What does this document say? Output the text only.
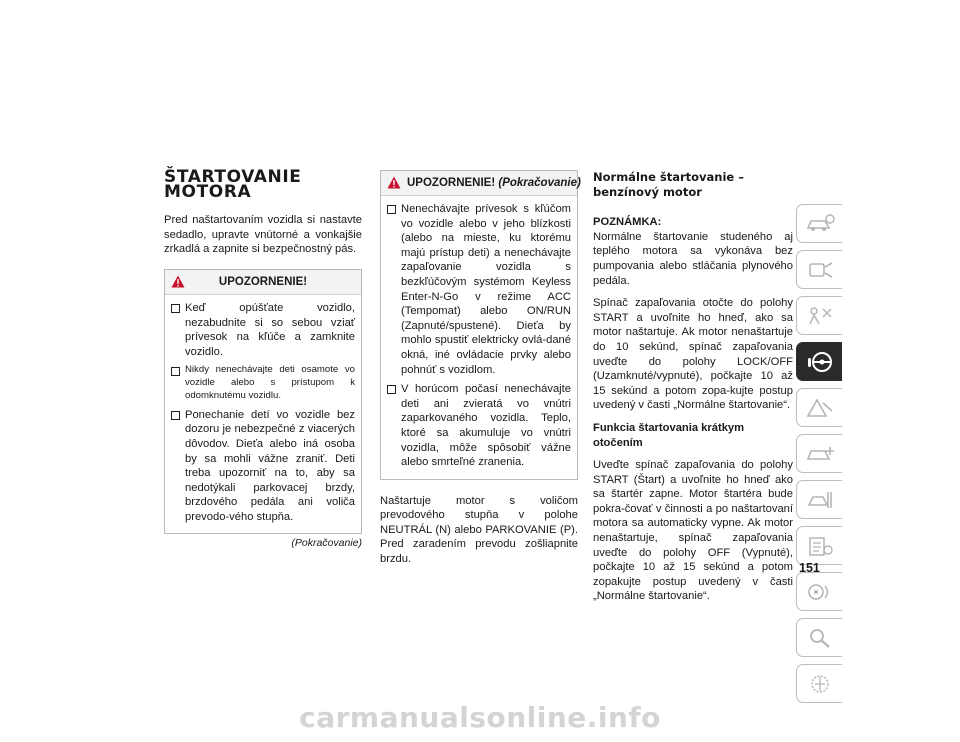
ŠTARTOVANIE MOTORA

Pred naštartovaním vozidla si nastavte sedadlo, upravte vnútorné a vonkajšie zrkadlá a zapnite si bezpečnostný pás.

UPOZORNENIE!
Keď opúšťate vozidlo, nezabudnite si so sebou vziať prívesok na kľúče a zamknite vozidlo.
Nikdy nenechávajte deti osamote vo vozidle alebo s prístupom k odomknutému vozidlu.
Ponechanie detí vo vozidle bez dozoru je nebezpečné z viacerých dôvodov. Dieťa alebo iná osoba by sa mohli vážne zraniť. Deti treba upozorniť na to, aby sa nedotýkali parkovacej brzdy, brzdového pedála ani voliča prevodo-vého stupňa.
(Pokračovanie)
UPOZORNENIE!
(Pokračovanie)
Nenechávajte prívesok s kľúčom vo vozidle alebo v jeho blízkosti (alebo na mieste, ku ktorému majú prístup deti) a nenechávajte zapaľovanie vozidla s bezkľúčovým systémom Keyless Enter-N-Go v režime ACC (Tempomat) alebo ON/RUN (Zapnuté/spustené). Dieťa by mohlo spustiť elektricky ovlá-dané okná, iné ovládacie prvky alebo pohnúť s vozidlom.
V horúcom počasí nenechávajte deti ani zvieratá vo vnútri zaparkovaného vozidla. Teplo, ktoré sa akumuluje vo vnútri vozidla, môže spôsobiť vážne alebo smrteľné zranenia.

Naštartuje motor s voličom prevodového stupňa v polohe NEUTRÁL (N) alebo PARKOVANIE (P). Pred zaradením prevodu zošliapnite brzdu.

Normálne štartovanie – benzínový motor

POZNÁMKA:

Normálne štartovanie studeného aj teplého motora sa vykonáva bez pumpovania alebo stláčania plynového pedála.

Spínač zapaľovania otočte do polohy START a uvoľnite ho hneď, ako sa motor naštartuje. Ak motor nenaštartuje do 10 sekúnd, spínač zapaľovania uveďte do polohy LOCK/OFF (Uzamknuté/vypnuté), počkajte 10 až 15 sekúnd a potom zopa-kujte postup uvedený v časti „Normálne štartovanie“.

Funkcia štartovania krátkym otočením

Uveďte spínač zapaľovania do polohy START (Štart) a uvoľnite ho hneď ako sa štartér zapne. Motor štartéra bude pokra-čovať v činnosti a po naštartovaní motora sa automaticky vypne. Ak motor nenaštartuje, spínač zapaľovania uveďte do polohy OFF (Vypnuté), počkajte 10 až 15 sekúnd a potom zopakujte postup uvedený v časti „Normálne štartovanie“.

151
carmanualsonline.info
